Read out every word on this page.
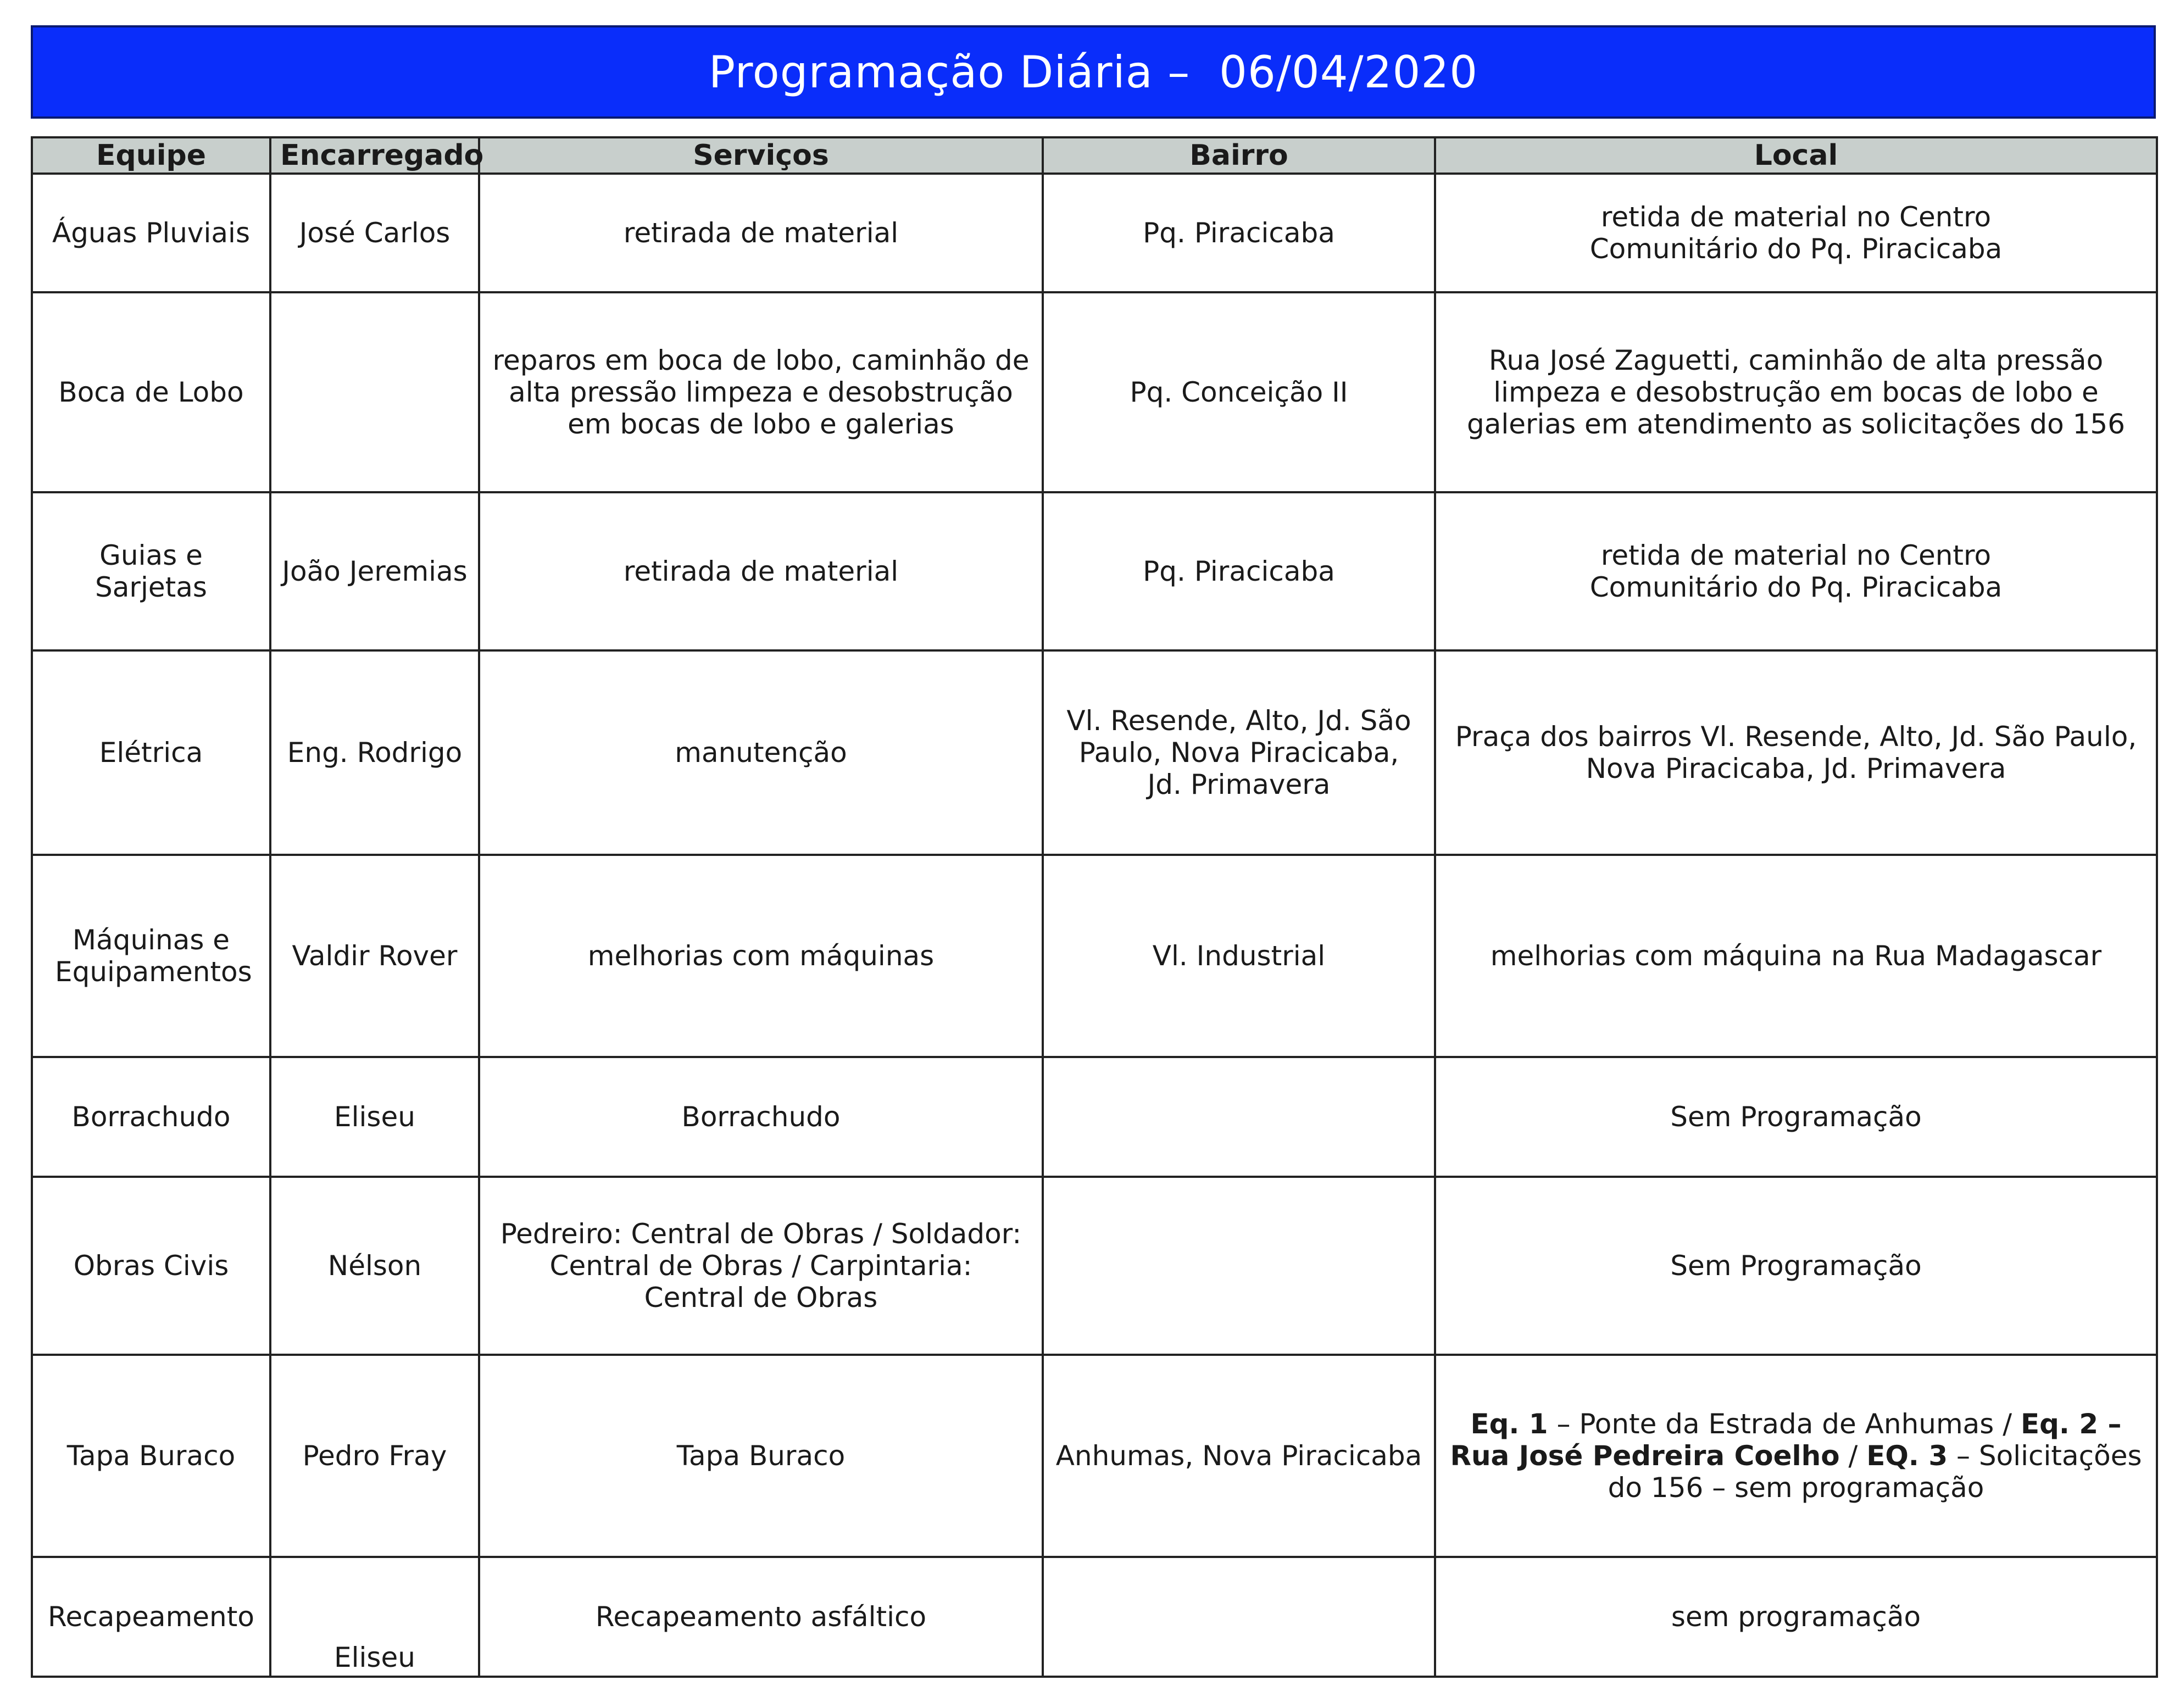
Programação Diária –  06/04/2020
Equipe	Encarregado	Serviços	Bairro	Local
Águas Pluviais	José Carlos	retirada de material	Pq. Piracicaba	retida de material no Centro Comunitário do Pq. Piracicaba
Boca de Lobo		reparos em boca de lobo, caminhão de alta pressão limpeza e desobstrução em bocas de lobo e galerias	Pq. Conceição II	Rua José Zaguetti, caminhão de alta pressão limpeza e desobstrução em bocas de lobo e galerias em atendimento as solicitações do 156
Guias e Sarjetas	João Jeremias	retirada de material	Pq. Piracicaba	retida de material no Centro Comunitário do Pq. Piracicaba
Elétrica	Eng. Rodrigo	manutenção	Vl. Resende, Alto, Jd. São Paulo, Nova Piracicaba, Jd. Primavera	Praça dos bairros Vl. Resende, Alto, Jd. São Paulo, Nova Piracicaba, Jd. Primavera
Máquinas e Equipamentos	Valdir Rover	melhorias com máquinas	Vl. Industrial	melhorias com máquina na Rua Madagascar
Borrachudo	Eliseu	Borrachudo		Sem Programação
Obras Civis	Nélson	Pedreiro: Central de Obras / Soldador: Central de Obras / Carpintaria: Central de Obras		Sem Programação
Tapa Buraco	Pedro Fray	Tapa Buraco	Anhumas, Nova Piracicaba	Eq. 1 – Ponte da Estrada de Anhumas / Eq. 2 – Rua José Pedreira Coelho / EQ. 3 – Solicitações do 156 – sem programação
Recapeamento	Eliseu	Recapeamento asfáltico		sem programação
